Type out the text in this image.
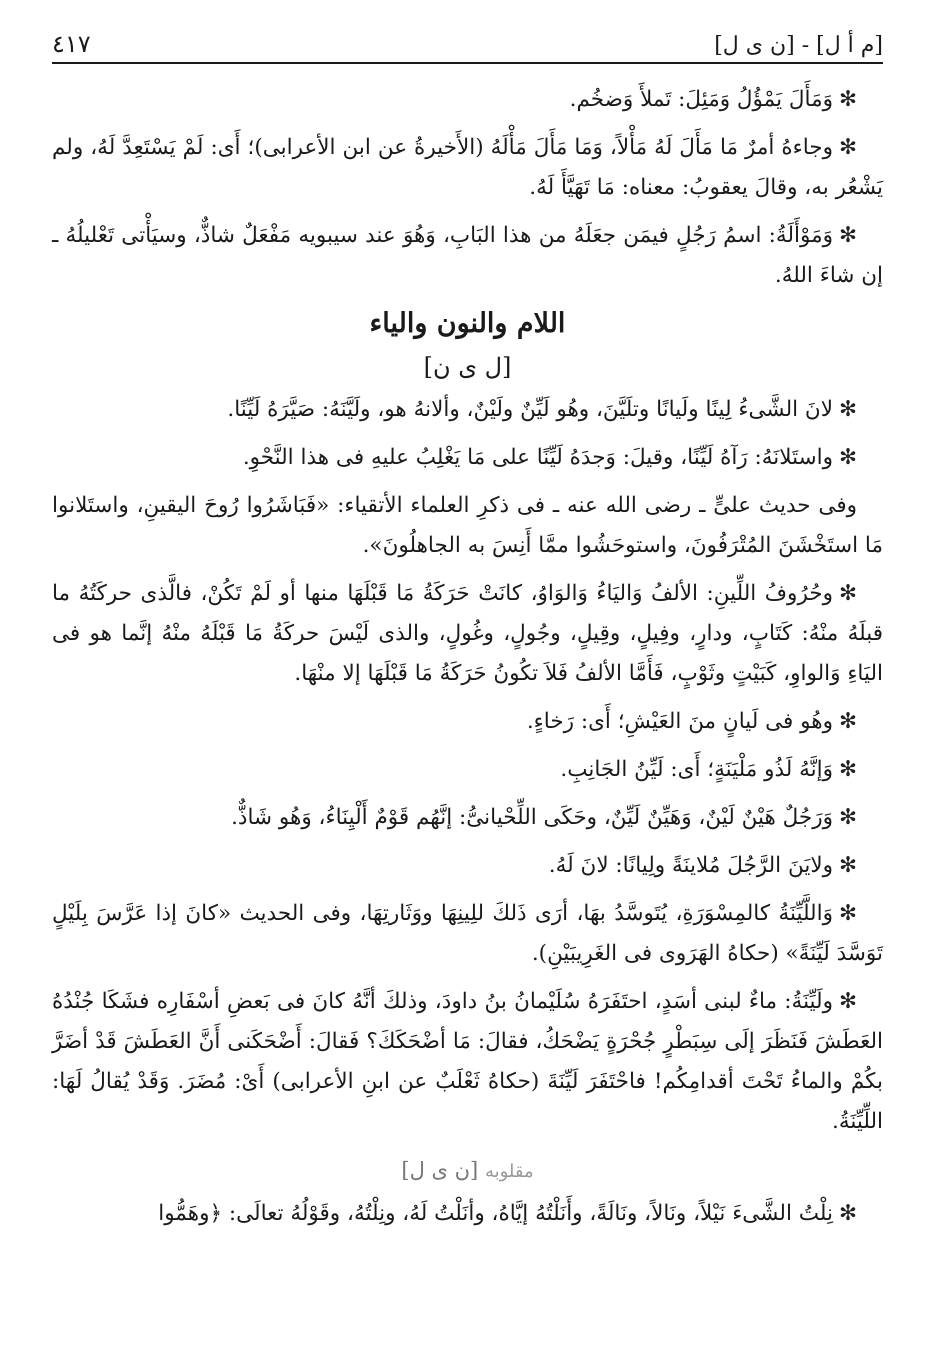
[م أ ل] - [ن ى ل]
٤١٧

✻وَمَأَلَ يَمْؤُلُ وَمَئِلَ: تَملأَ وَضخُم.

✻وجاءهُ أمرٌ مَا مَأَلَ لَهُ مَأْلاً، وَمَا مَأَلَ مَأْلَهُ (الأَخيرةُ عن ابن الأعرابى)؛ أَى: لَمْ يَسْتَعِدَّ لَهُ، ولم يَشْعُر به، وقالَ يعقوبُ: معناه: مَا تَهَيَّأَ لَهُ.

✻وَمَوْأَلَةُ: اسمُ رَجُلٍ فيمَن جعَلَهُ من هذا البَابِ، وَهُوَ عند سيبويه مَفْعَلٌ شاذٌّ، وسيَأْتى تَعْليلُهُ ـ إن شاءَ اللهُ.

اللام والنون والياء
[ل ى ن]

✻لانَ الشَّىءُ لِينًا ولَيانًا وتلَيَّنَ، وهُو لَيِّنٌ ولَيْنٌ، وألانهُ هو، ولَيَّنَهُ: صَيَّرَهُ لَيِّنًا.

✻واستَلانَهُ: رَآهُ لَيِّنًا، وقيلَ: وَجدَهُ لَيِّنًا على مَا يَغْلِبُ عليهِ فى هذا النَّحْوِ.

وفى حديث علىٍّ ـ رضى الله عنه ـ فى ذكرِ العلماء الأتقياء: «فَبَاشَرُوا رُوحَ اليقينِ، واستَلانوا مَا استَخْشَنَ المُتْرَفُونَ، واستوحَشُوا ممَّا أَنِسَ به الجاهلُونَ».

✻وحُرُوفُ اللِّينِ: الألفُ وَاليَاءُ وَالوَاوُ، كانَتْ حَرَكَةُ مَا قَبْلَهَا منها أو لَمْ تَكُنْ، فالَّذى حركَتُهُ ما قبلَهُ منْهُ: كَتَابٍ، ودارٍ، وفِيلٍ، وقِيلٍ، وجُولٍ، وغُولٍ، والذى لَيْسَ حركَةُ مَا قَبْلَهُ منْهُ إنَّما هو فى اليَاءِ وَالواوِ، كَبَيْتٍ وثَوْبٍ، فَأَمَّا الألفُ فَلاَ تكُونُ حَرَكَةُ مَا قَبْلَهَا إلا منْهَا.

✻وهُو فى لَيانٍ منَ العَيْشِ؛ أَى: رَخاءٍ.

✻وَإنَّهُ لَذُو مَلْيَنَةٍ؛ أَى: لَيِّنُ الجَانِبِ.

✻وَرَجُلٌ هَيْنٌ لَيْنٌ، وَهَيِّنٌ لَيِّنٌ، وحَكَى اللِّحْيانىُّ: إنَّهُم قَوْمٌ أَلْيِنَاءُ، وَهُو شَاذٌّ.

✻ولايَنَ الرَّجُلَ مُلاينَةً ولِيانًا: لانَ لَهُ.

✻وَاللَّيِّنَةُ كالمِسْوَرَةِ، يُتَوسَّدُ بهَا، أرَى ذَلكَ للِينِهَا ووَثَارتِهَا، وفى الحديث «كانَ إذا عَرَّسَ بِلَيْلٍ تَوَسَّدَ لَيِّنَةً» (حكاهُ الهَرَوى فى الغَرِيبَيْنِ).

✻ولَيِّنَةُ: ماءٌ لبنى أسَدٍ، احتَفَرَهُ سُلَيْمانُ بنُ داودَ، وذلكَ أنَّهُ كانَ فى بَعضِ أسْفَارِه فشَكَا جُنْدُهُ العَطَشَ فَنَظَرَ إلَى سِبَطْرٍ جُحْرَةٍ يَضْحَكُ، فقالَ: مَا أضْحَكَكَ؟ فَقالَ: أَضْحَكَنى أَنَّ العَطَشَ قَدْ أضَرَّ بكُمْ والماءُ تَحْتَ أقدامِكُم! فاحْتَفَرَ لَيِّنَةَ (حكاهُ ثَعْلَبٌ عن ابنِ الأعرابى) أَىْ: مُضَرَ. وَقَدْ يُقالُ لَهَا: اللِّيِّنَةُ.

مقلوبه [ن ى ل]

✻نِلْتُ الشَّىءَ نَيْلاً، ونَالاً، ونَالَةً، وأَنَلْتُهُ إيَّاهُ، وأنَلْتُ لَهُ، ونِلْتُهُ، وقَوْلُهُ تعالَى: ﴿وهَمُّوا
